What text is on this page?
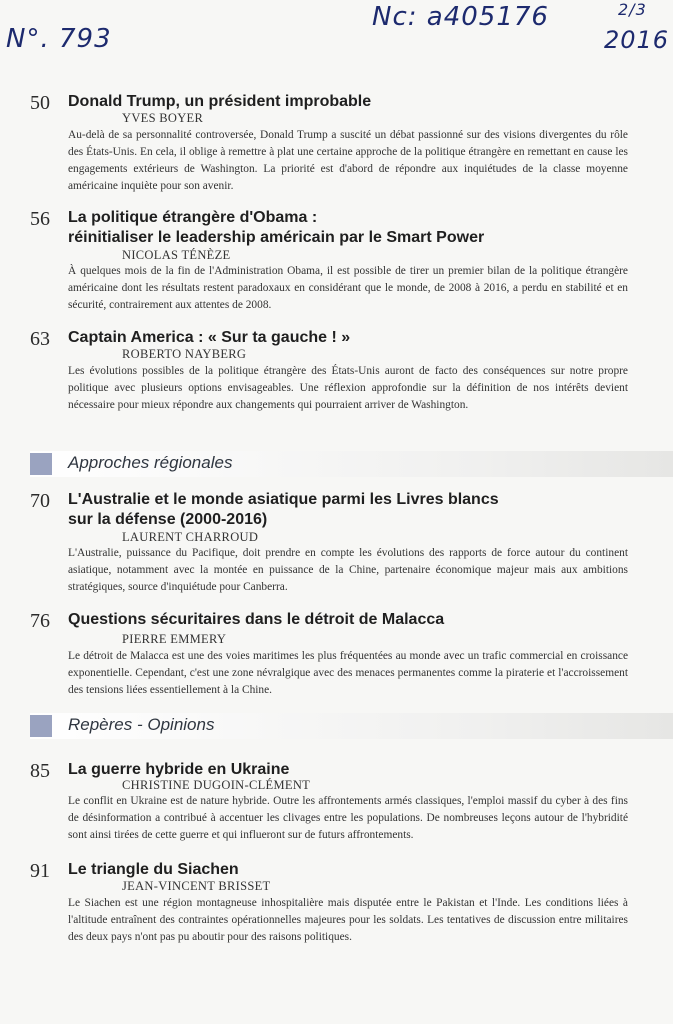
Nc: a405176
N°. 793
2/3
2016
50 Donald Trump, un président improbable
YVES BOYER
Au-delà de sa personnalité controversée, Donald Trump a suscité un débat passionné sur des visions divergentes du rôle des États-Unis. En cela, il oblige à remettre à plat une certaine approche de la politique étrangère en remettant en cause les engagements extérieurs de Washington. La priorité est d'abord de répondre aux inquiétudes de la classe moyenne américaine inquiète pour son avenir.
56 La politique étrangère d'Obama :
réinitialiser le leadership américain par le Smart Power
NICOLAS TÉNÈZE
À quelques mois de la fin de l'Administration Obama, il est possible de tirer un premier bilan de la politique étrangère américaine dont les résultats restent paradoxaux en considérant que le monde, de 2008 à 2016, a perdu en stabilité et en sécurité, contrairement aux attentes de 2008.
63 Captain America : « Sur ta gauche ! »
ROBERTO NAYBERG
Les évolutions possibles de la politique étrangère des États-Unis auront de facto des conséquences sur notre propre politique avec plusieurs options envisageables. Une réflexion approfondie sur la définition de nos intérêts devient nécessaire pour mieux répondre aux changements qui pourraient arriver de Washington.
Approches régionales
70 L'Australie et le monde asiatique parmi les Livres blancs
sur la défense (2000-2016)
LAURENT CHARROUD
L'Australie, puissance du Pacifique, doit prendre en compte les évolutions des rapports de force autour du continent asiatique, notamment avec la montée en puissance de la Chine, partenaire économique majeur mais aux ambitions stratégiques, source d'inquiétude pour Canberra.
76 Questions sécuritaires dans le détroit de Malacca
PIERRE EMMERY
Le détroit de Malacca est une des voies maritimes les plus fréquentées au monde avec un trafic commercial en croissance exponentielle. Cependant, c'est une zone névralgique avec des menaces permanentes comme la piraterie et l'accroissement des tensions liées essentiellement à la Chine.
Repères - Opinions
85 La guerre hybride en Ukraine
CHRISTINE DUGOIN-CLÉMENT
Le conflit en Ukraine est de nature hybride. Outre les affrontements armés classiques, l'emploi massif du cyber à des fins de désinformation a contribué à accentuer les clivages entre les populations. De nombreuses leçons autour de l'hybridité sont ainsi tirées de cette guerre et qui influeront sur de futurs affrontements.
91 Le triangle du Siachen
JEAN-VINCENT BRISSET
Le Siachen est une région montagneuse inhospitalière mais disputée entre le Pakistan et l'Inde. Les conditions liées à l'altitude entraînent des contraintes opérationnelles majeures pour les soldats. Les tentatives de discussion entre militaires des deux pays n'ont pas pu aboutir pour des raisons politiques.
